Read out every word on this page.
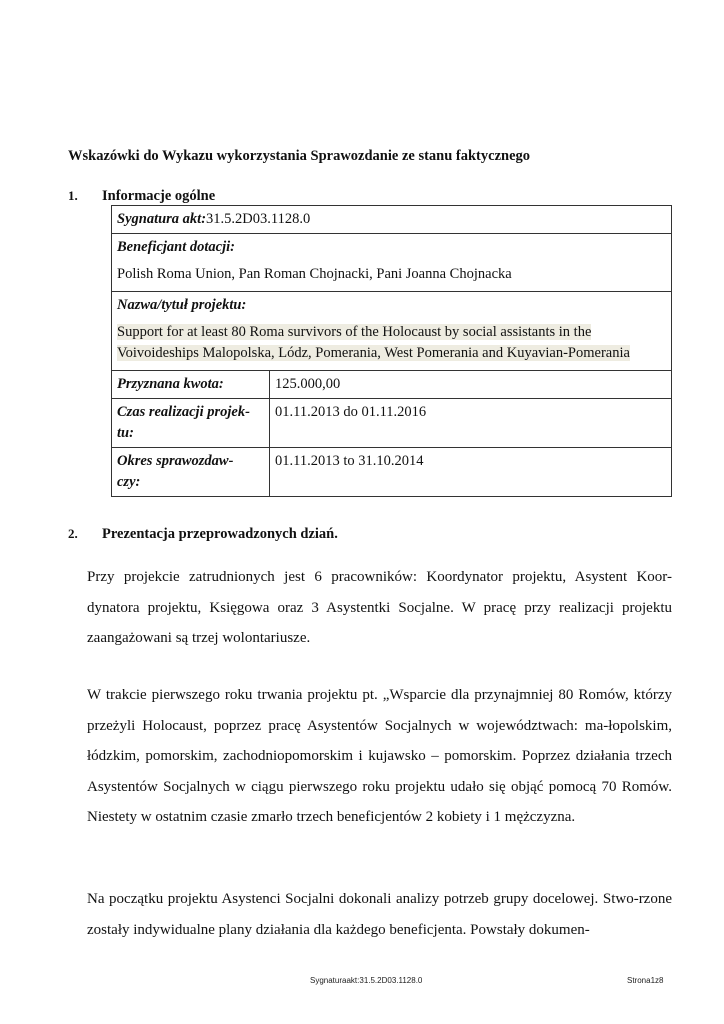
Wskazówki do Wykazu wykorzystania Sprawozdanie ze stanu faktycznego
1. Informacje ogólne
Sygnatura akt:31.5.2D03.1128.0	

Beneficjant dotacji:
Polish Roma Union, Pan Roman Chojnacki, Pani Joanna Chojnacka	

Nazwa/tytuł projektu:
Support for at least 80 Roma survivors of the Holocaust by social assistants in the Voivoideships Malopolska, Lódz, Pomerania, West Pomerania and Kuyavian-Pomerania	

Przyznana kwota:	125.000,00
Czas realizacji projek-
tu:	01.11.2013 do 01.11.2016
Okres sprawozdaw-
czy:	01.11.2013 to 31.10.2014
2. Prezentacja przeprowadzonych dziań.

Przy projekcie zatrudnionych jest 6 pracowników: Koordynator projektu, Asystent Koor-dynatora projektu, Księgowa oraz 3 Asystentki Socjalne. W pracę przy realizacji projektu zaangażowani są trzej wolontariusze.

W trakcie pierwszego roku trwania projektu pt. „Wsparcie dla przynajmniej 80 Romów, którzy przeżyli Holocaust, poprzez pracę Asystentów Socjalnych w województwach: ma-łopolskim, łódzkim, pomorskim, zachodniopomorskim i kujawsko – pomorskim. Poprzez działania trzech Asystentów Socjalnych w ciągu pierwszego roku projektu udało się objąć pomocą 70 Romów. Niestety w ostatnim czasie zmarło trzech beneficjentów 2 kobiety i 1 mężczyzna.

Na początku projektu Asystenci Socjalni dokonali analizy potrzeb grupy docelowej. Stwo-rzone zostały indywidualne plany działania dla każdego beneficjenta. Powstały dokumen-

Sygnaturaakt:31.5.2D03.1128.0	Strona1z8
